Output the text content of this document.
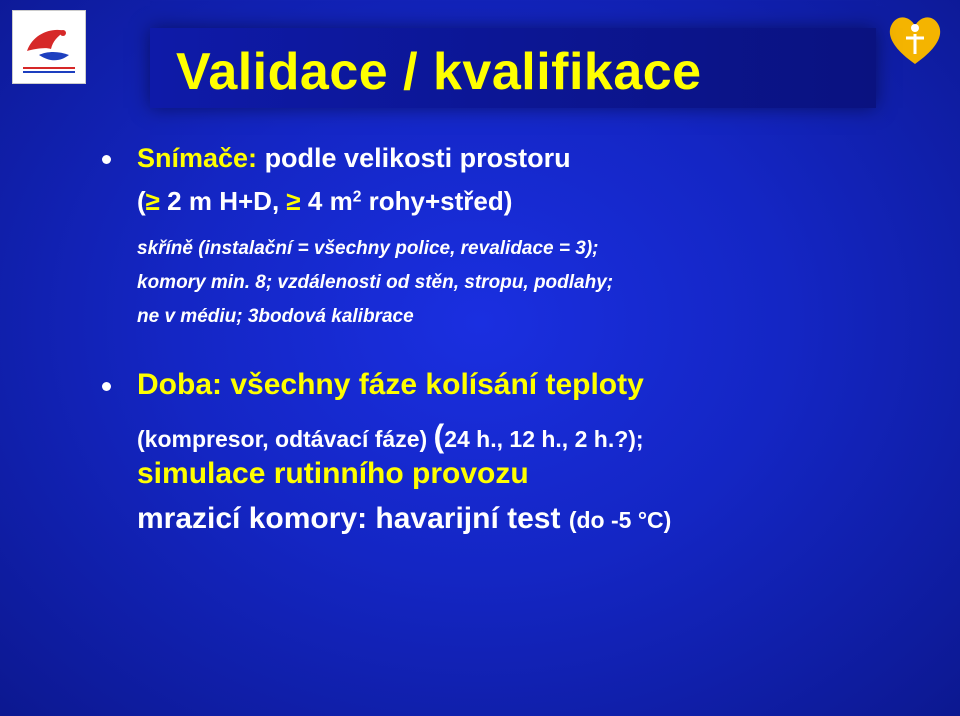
Validace / kvalifikace

Snímače: podle velikosti prostoru

(≥ 2 m H+D, ≥ 4 $m^2$ rohy+střed)

skříně (instalační = všechny police, revalidace = 3);

komory min. 8; vzdálenosti od stěn, stropu, podlahy;

ne v médiu; 3bodová kalibrace

Doba: všechny fáze kolísání teploty

(kompresor, odtávací fáze) (24 h., 12 h., 2 h.?);

simulace rutinního provozu

mrazicí komory: havarijní test (do -5 °C)
